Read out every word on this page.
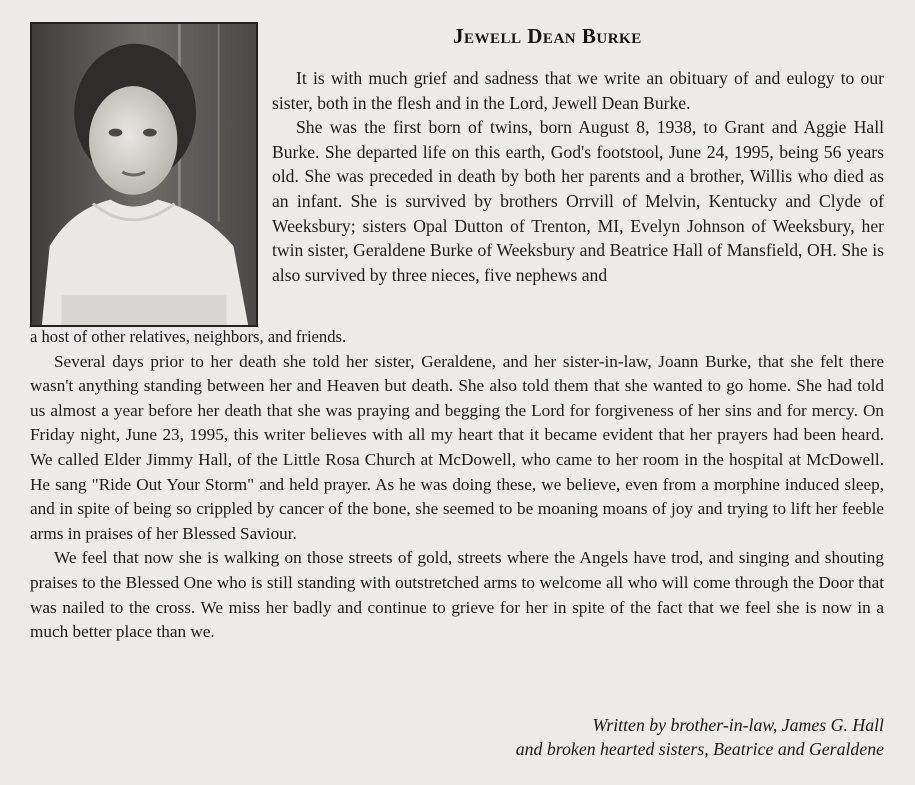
Jewell Dean Burke

It is with much grief and sadness that we write an obituary of and eulogy to our sister, both in the flesh and in the Lord, Jewell Dean Burke.

She was the first born of twins, born August 8, 1938, to Grant and Aggie Hall Burke. She departed life on this earth, God's footstool, June 24, 1995, being 56 years old. She was preceded in death by both her parents and a brother, Willis who died as an infant. She is survived by brothers Orrvill of Melvin, Kentucky and Clyde of Weeksbury; sisters Opal Dutton of Trenton, MI, Evelyn Johnson of Weeksbury, her twin sister, Geraldene Burke of Weeksbury and Beatrice Hall of Mansfield, OH. She is also survived by three nieces, five nephews and

a host of other relatives, neighbors, and friends.

Several days prior to her death she told her sister, Geraldene, and her sister-in-law, Joann Burke, that she felt there wasn't anything standing between her and Heaven but death. She also told them that she wanted to go home. She had told us almost a year before her death that she was praying and begging the Lord for forgiveness of her sins and for mercy. On Friday night, June 23, 1995, this writer believes with all my heart that it became evident that her prayers had been heard. We called Elder Jimmy Hall, of the Little Rosa Church at McDowell, who came to her room in the hospital at McDowell. He sang "Ride Out Your Storm" and held prayer. As he was doing these, we believe, even from a morphine induced sleep, and in spite of being so crippled by cancer of the bone, she seemed to be moaning moans of joy and trying to lift her feeble arms in praises of her Blessed Saviour.

We feel that now she is walking on those streets of gold, streets where the Angels have trod, and singing and shouting praises to the Blessed One who is still standing with outstretched arms to welcome all who will come through the Door that was nailed to the cross. We miss her badly and continue to grieve for her in spite of the fact that we feel she is now in a much better place than we.

Written by brother-in-law, James G. Hall
and broken hearted sisters, Beatrice and Geraldene
